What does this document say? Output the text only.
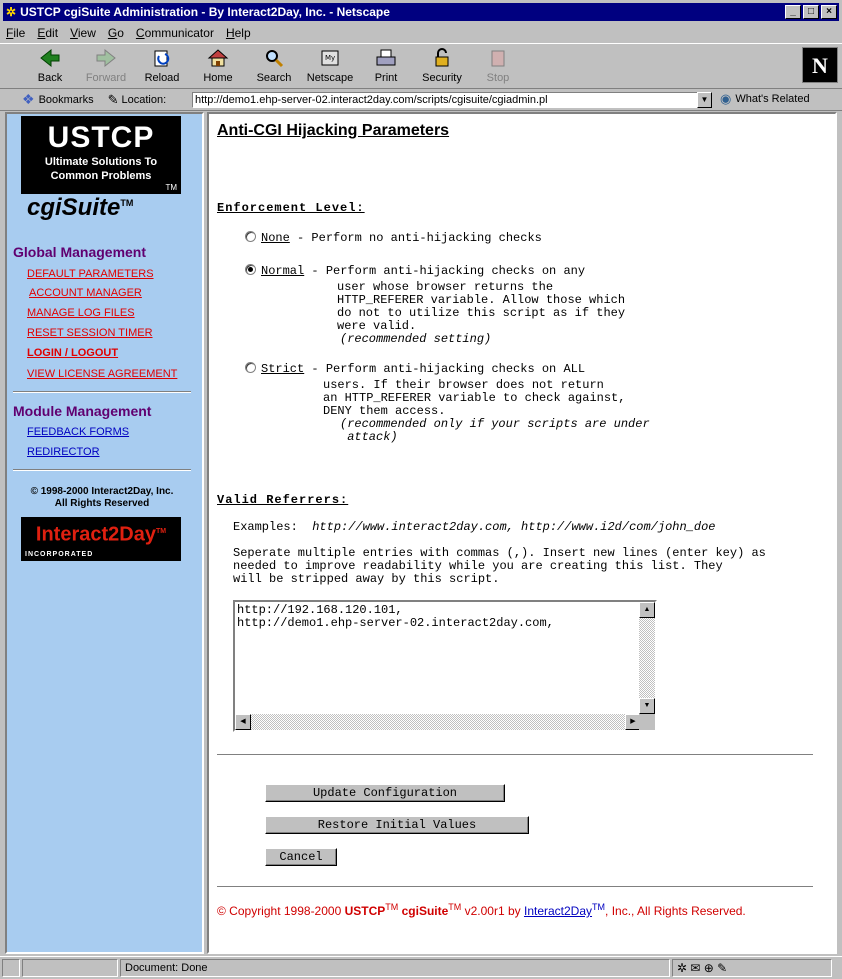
✲ USTCP cgiSuite Administration - By Interact2Day, Inc. - Netscape	_	□	×
File Edit View Go Communicator Help
Back Forward Reload Home Search
My
Netscape Print Security Stop	N
❖ Bookmarks ✎ Location:	http://demo1.ehp-server-02.interact2day.com/scripts/cgisuite/cgiadmin.pl	▼ ◉ What's Related
USTCP
Ultimate Solutions To
Common Problems
TM
cgiSuite™
Global Management
DEFAULT PARAMETERS
ACCOUNT MANAGER
MANAGE LOG FILES
RESET SESSION TIMER
LOGIN / LOGOUT
VIEW LICENSE AGREEMENT
Module Management
FEEDBACK FORMS
REDIRECTOR
© 1998-2000 Interact2Day, Inc.
All Rights Reserved
Interact2Day™
INCORPORATED
Anti-CGI Hijacking Parameters
Enforcement Level:
None - Perform no anti-hijacking checks
Normal - Perform anti-hijacking checks on any
user whose browser returns the
HTTP_REFERER variable. Allow those which
do not to utilize this script as if they
were valid.
(recommended setting)
Strict - Perform anti-hijacking checks on ALL
users. If their browser does not return
an HTTP_REFERER variable to check against,
DENY them access.
(recommended only if your scripts are under
attack)
Valid Referrers:
Examples: http://www.interact2day.com, http://www.i2d/com/john_doe
Seperate multiple entries with commas (,). Insert new lines (enter key) as
needed to improve readability while you are creating this list. They
will be stripped away by this script.
http://192.168.120.101,
http://demo1.ehp-server-02.interact2day.com,
▲
▼
◀	▶
Update Configuration
Restore Initial Values
Cancel
© Copyright 1998-2000 USTCP™ cgiSuite™ v2.00r1 by Interact2Day™, Inc., All Rights Reserved.
Document: Done	✲ ✉ ⊕ ✎
